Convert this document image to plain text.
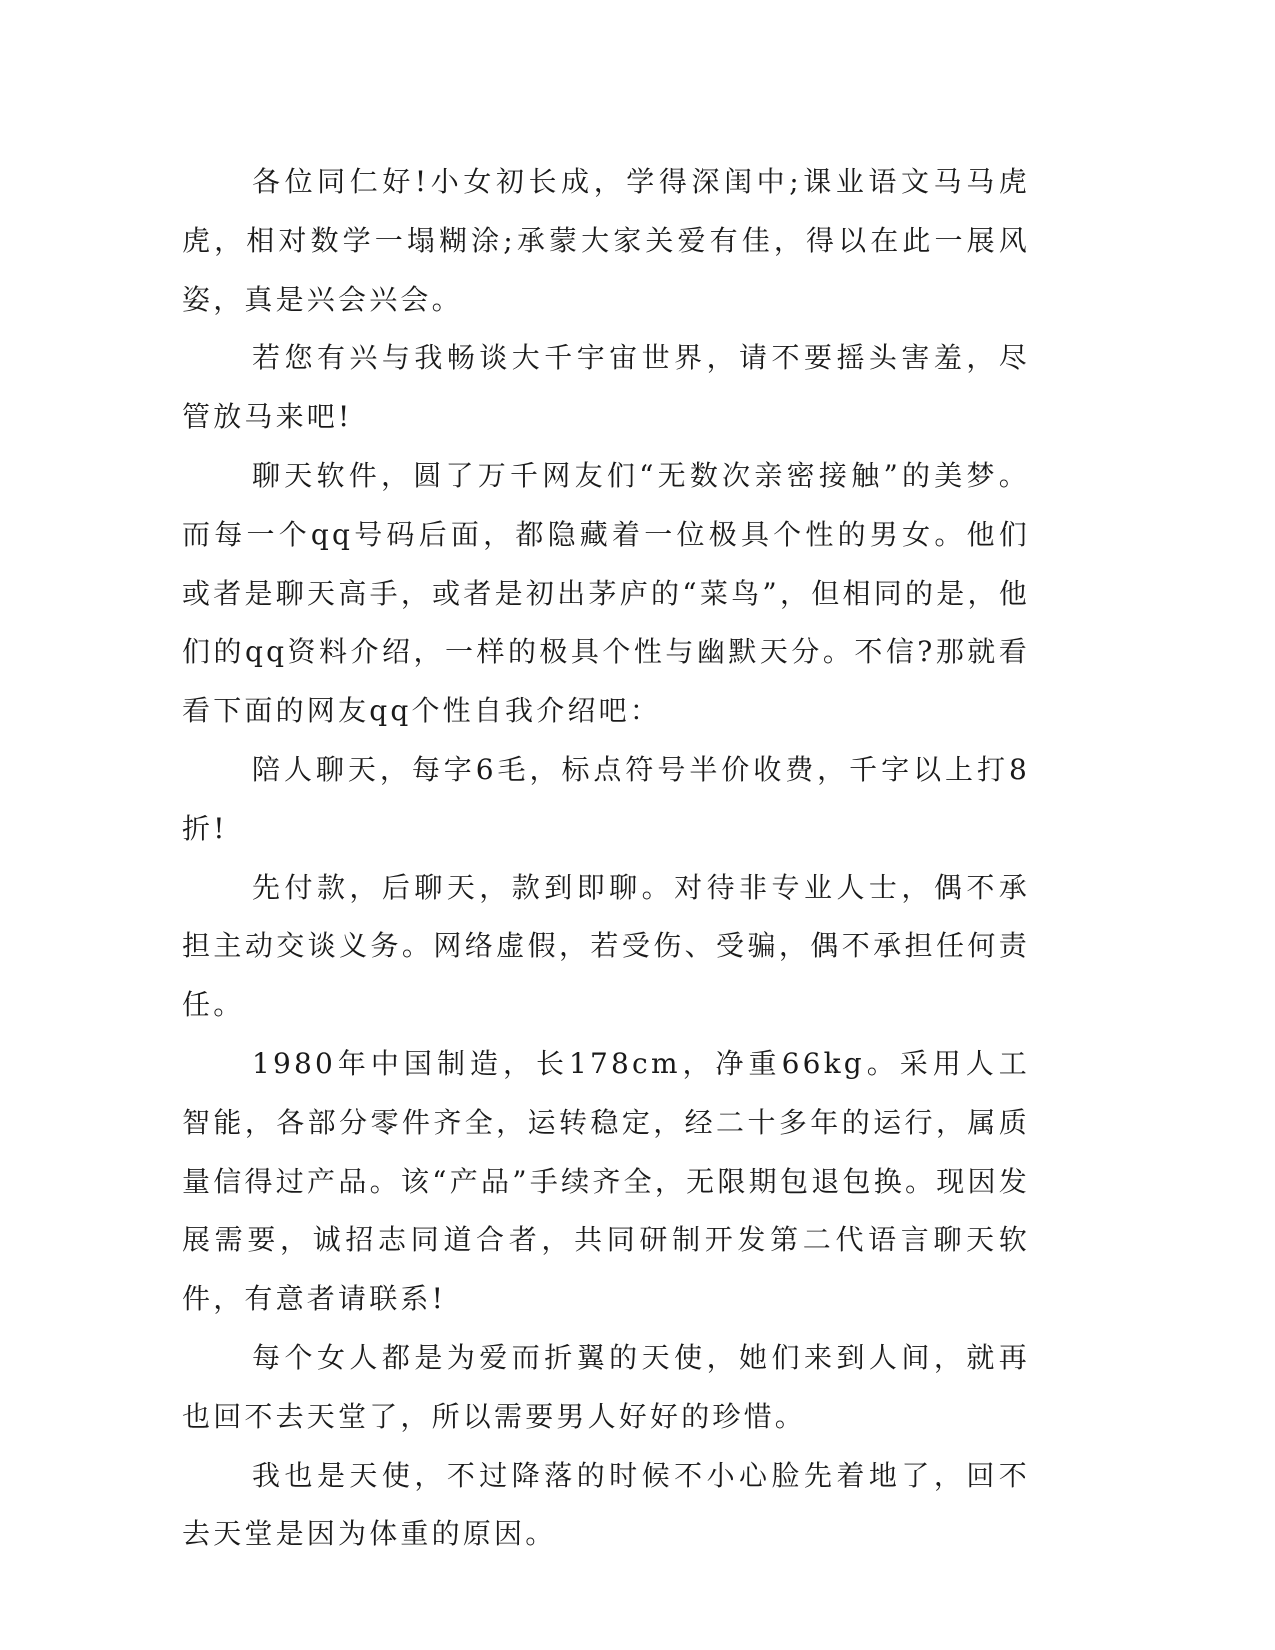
各位同仁好!小女初长成，学得深闺中;课业语文马马虎虎，相对数学一塌糊涂;承蒙大家关爱有佳，得以在此一展风姿，真是兴会兴会。

若您有兴与我畅谈大千宇宙世界，请不要摇头害羞，尽管放马来吧!

聊天软件，圆了万千网友们“无数次亲密接触”的美梦。而每一个qq号码后面，都隐藏着一位极具个性的男女。他们或者是聊天高手，或者是初出茅庐的“菜鸟”，但相同的是，他们的qq资料介绍，一样的极具个性与幽默天分。不信?那就看看下面的网友qq个性自我介绍吧：

陪人聊天，每字6毛，标点符号半价收费，千字以上打8折!

先付款，后聊天，款到即聊。对待非专业人士，偶不承担主动交谈义务。网络虚假，若受伤、受骗，偶不承担任何责任。

1980年中国制造，长178cm，净重66kg。采用人工智能，各部分零件齐全，运转稳定，经二十多年的运行，属质量信得过产品。该“产品”手续齐全，无限期包退包换。现因发展需要，诚招志同道合者，共同研制开发第二代语言聊天软件，有意者请联系!

每个女人都是为爱而折翼的天使，她们来到人间，就再也回不去天堂了，所以需要男人好好的珍惜。

我也是天使，不过降落的时候不小心脸先着地了，回不去天堂是因为体重的原因。
